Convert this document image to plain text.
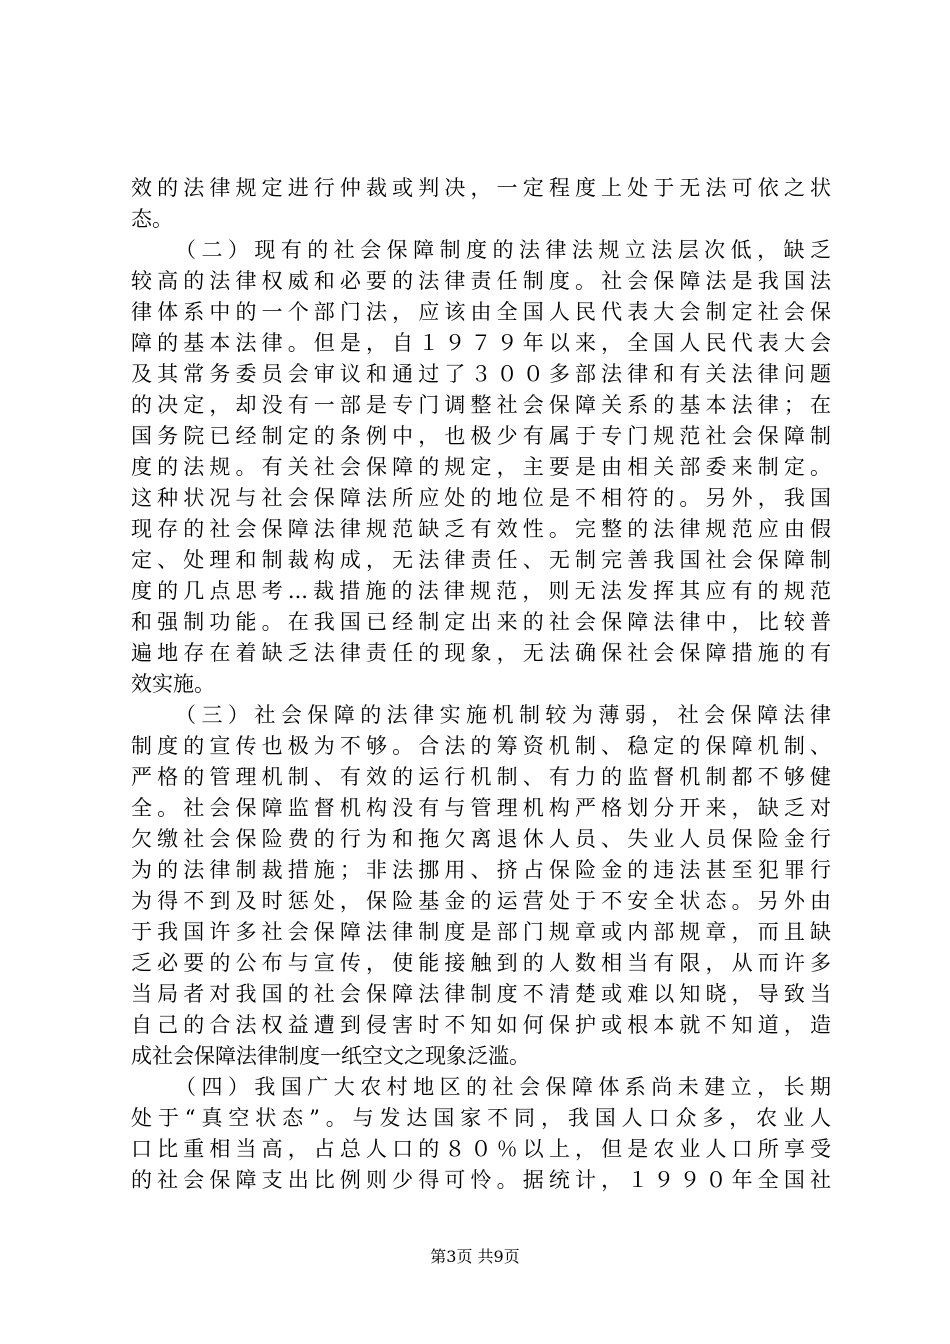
效的法律规定进行仲裁或判决，一定程度上处于无法可依之状
态。
（二）现有的社会保障制度的法律法规立法层次低，缺乏
较高的法律权威和必要的法律责任制度。社会保障法是我国法
律体系中的一个部门法，应该由全国人民代表大会制定社会保
障的基本法律。但是，自１９７９年以来，全国人民代表大会
及其常务委员会审议和通过了３００多部法律和有关法律问题
的决定，却没有一部是专门调整社会保障关系的基本法律；在
国务院已经制定的条例中，也极少有属于专门规范社会保障制
度的法规。有关社会保障的规定，主要是由相关部委来制定。
这种状况与社会保障法所应处的地位是不相符的。另外，我国
现存的社会保障法律规范缺乏有效性。完整的法律规范应由假
定、处理和制裁构成，无法律责任、无制完善我国社会保障制
度的几点思考...裁措施的法律规范，则无法发挥其应有的规范
和强制功能。在我国已经制定出来的社会保障法律中，比较普
遍地存在着缺乏法律责任的现象，无法确保社会保障措施的有
效实施。
（三）社会保障的法律实施机制较为薄弱，社会保障法律
制度的宣传也极为不够。合法的筹资机制、稳定的保障机制、
严格的管理机制、有效的运行机制、有力的监督机制都不够健
全。社会保障监督机构没有与管理机构严格划分开来，缺乏对
欠缴社会保险费的行为和拖欠离退休人员、失业人员保险金行
为的法律制裁措施；非法挪用、挤占保险金的违法甚至犯罪行
为得不到及时惩处，保险基金的运营处于不安全状态。另外由
于我国许多社会保障法律制度是部门规章或内部规章，而且缺
乏必要的公布与宣传，使能接触到的人数相当有限，从而许多
当局者对我国的社会保障法律制度不清楚或难以知晓，导致当
自己的合法权益遭到侵害时不知如何保护或根本就不知道，造
成社会保障法律制度一纸空文之现象泛滥。
（四）我国广大农村地区的社会保障体系尚未建立，长期
处于“真空状态”。与发达国家不同，我国人口众多，农业人
口比重相当高，占总人口的８０％以上，但是农业人口所享受
的社会保障支出比例则少得可怜。据统计，１９９０年全国社
第3页 共9页
